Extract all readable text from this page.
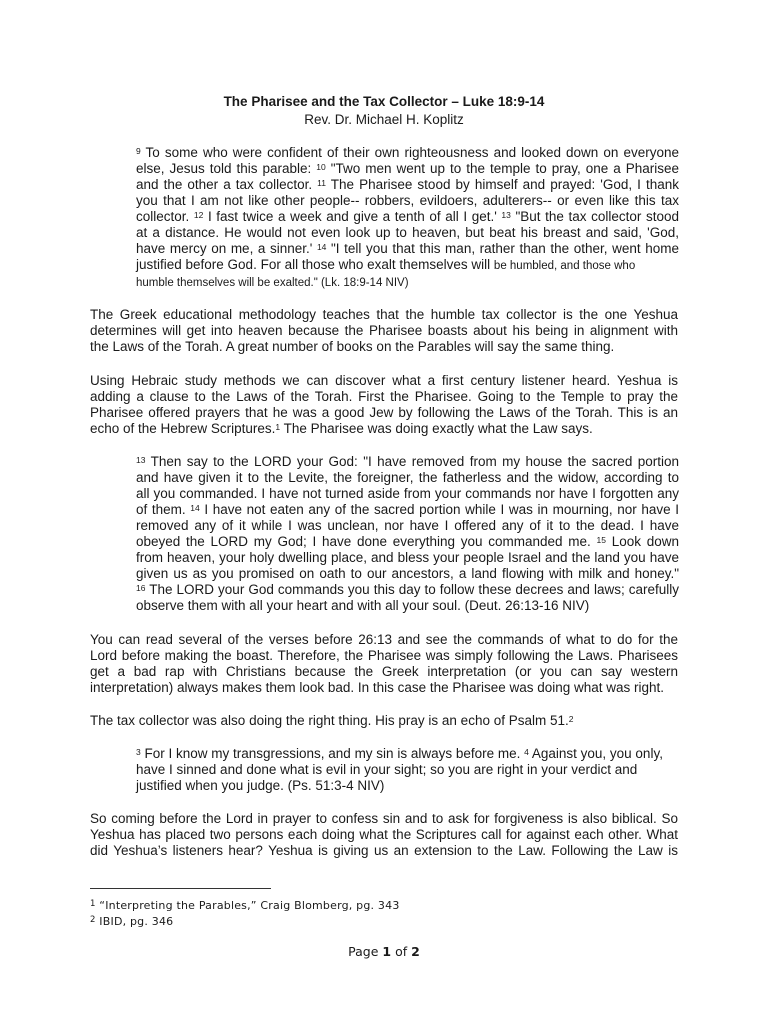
The Pharisee and the Tax Collector – Luke 18:9-14
Rev. Dr. Michael H. Koplitz
$^9$ To some who were confident of their own righteousness and looked down on everyone
else, Jesus told this parable: $^{10}$ "Two men went up to the temple to pray, one a Pharisee
and the other a tax collector. $^{11}$ The Pharisee stood by himself and prayed: 'God, I thank
you that I am not like other people-- robbers, evildoers, adulterers-- or even like this tax
collector. $^{12}$ I fast twice a week and give a tenth of all I get.' $^{13}$ "But the tax collector stood
at a distance. He would not even look up to heaven, but beat his breast and said, 'God,
have mercy on me, a sinner.' $^{14}$ "I tell you that this man, rather than the other, went home
justified before God. For all those who exalt themselves will be humbled, and those who
humble themselves will be exalted." (Lk. 18:9-14 NIV)
The Greek educational methodology teaches that the humble tax collector is the one Yeshua
determines will get into heaven because the Pharisee boasts about his being in alignment with
the Laws of the Torah. A great number of books on the Parables will say the same thing.
Using Hebraic study methods we can discover what a first century listener heard. Yeshua is
adding a clause to the Laws of the Torah. First the Pharisee. Going to the Temple to pray the
Pharisee offered prayers that he was a good Jew by following the Laws of the Torah. This is an
echo of the Hebrew Scriptures.$^1$ The Pharisee was doing exactly what the Law says.
$^{13}$ Then say to the LORD your God: "I have removed from my house the sacred portion
and have given it to the Levite, the foreigner, the fatherless and the widow, according to
all you commanded. I have not turned aside from your commands nor have I forgotten any
of them. $^{14}$ I have not eaten any of the sacred portion while I was in mourning, nor have I
removed any of it while I was unclean, nor have I offered any of it to the dead. I have
obeyed the LORD my God; I have done everything you commanded me. $^{15}$ Look down
from heaven, your holy dwelling place, and bless your people Israel and the land you have
given us as you promised on oath to our ancestors, a land flowing with milk and honey."
$^{16}$ The LORD your God commands you this day to follow these decrees and laws; carefully
observe them with all your heart and with all your soul. (Deut. 26:13-16 NIV)
You can read several of the verses before 26:13 and see the commands of what to do for the
Lord before making the boast. Therefore, the Pharisee was simply following the Laws. Pharisees
get a bad rap with Christians because the Greek interpretation (or you can say western
interpretation) always makes them look bad. In this case the Pharisee was doing what was right.
The tax collector was also doing the right thing. His pray is an echo of Psalm 51.$^2$
$^3$ For I know my transgressions, and my sin is always before me. $^4$ Against you, you only,
have I sinned and done what is evil in your sight; so you are right in your verdict and
justified when you judge. (Ps. 51:3-4 NIV)
So coming before the Lord in prayer to confess sin and to ask for forgiveness is also biblical. So
Yeshua has placed two persons each doing what the Scriptures call for against each other. What
did Yeshua’s listeners hear? Yeshua is giving us an extension to the Law. Following the Law is
$^1$ “Interpreting the Parables,” Craig Blomberg, pg. 343
$^2$ IBID, pg. 346
Page 1 of 2
